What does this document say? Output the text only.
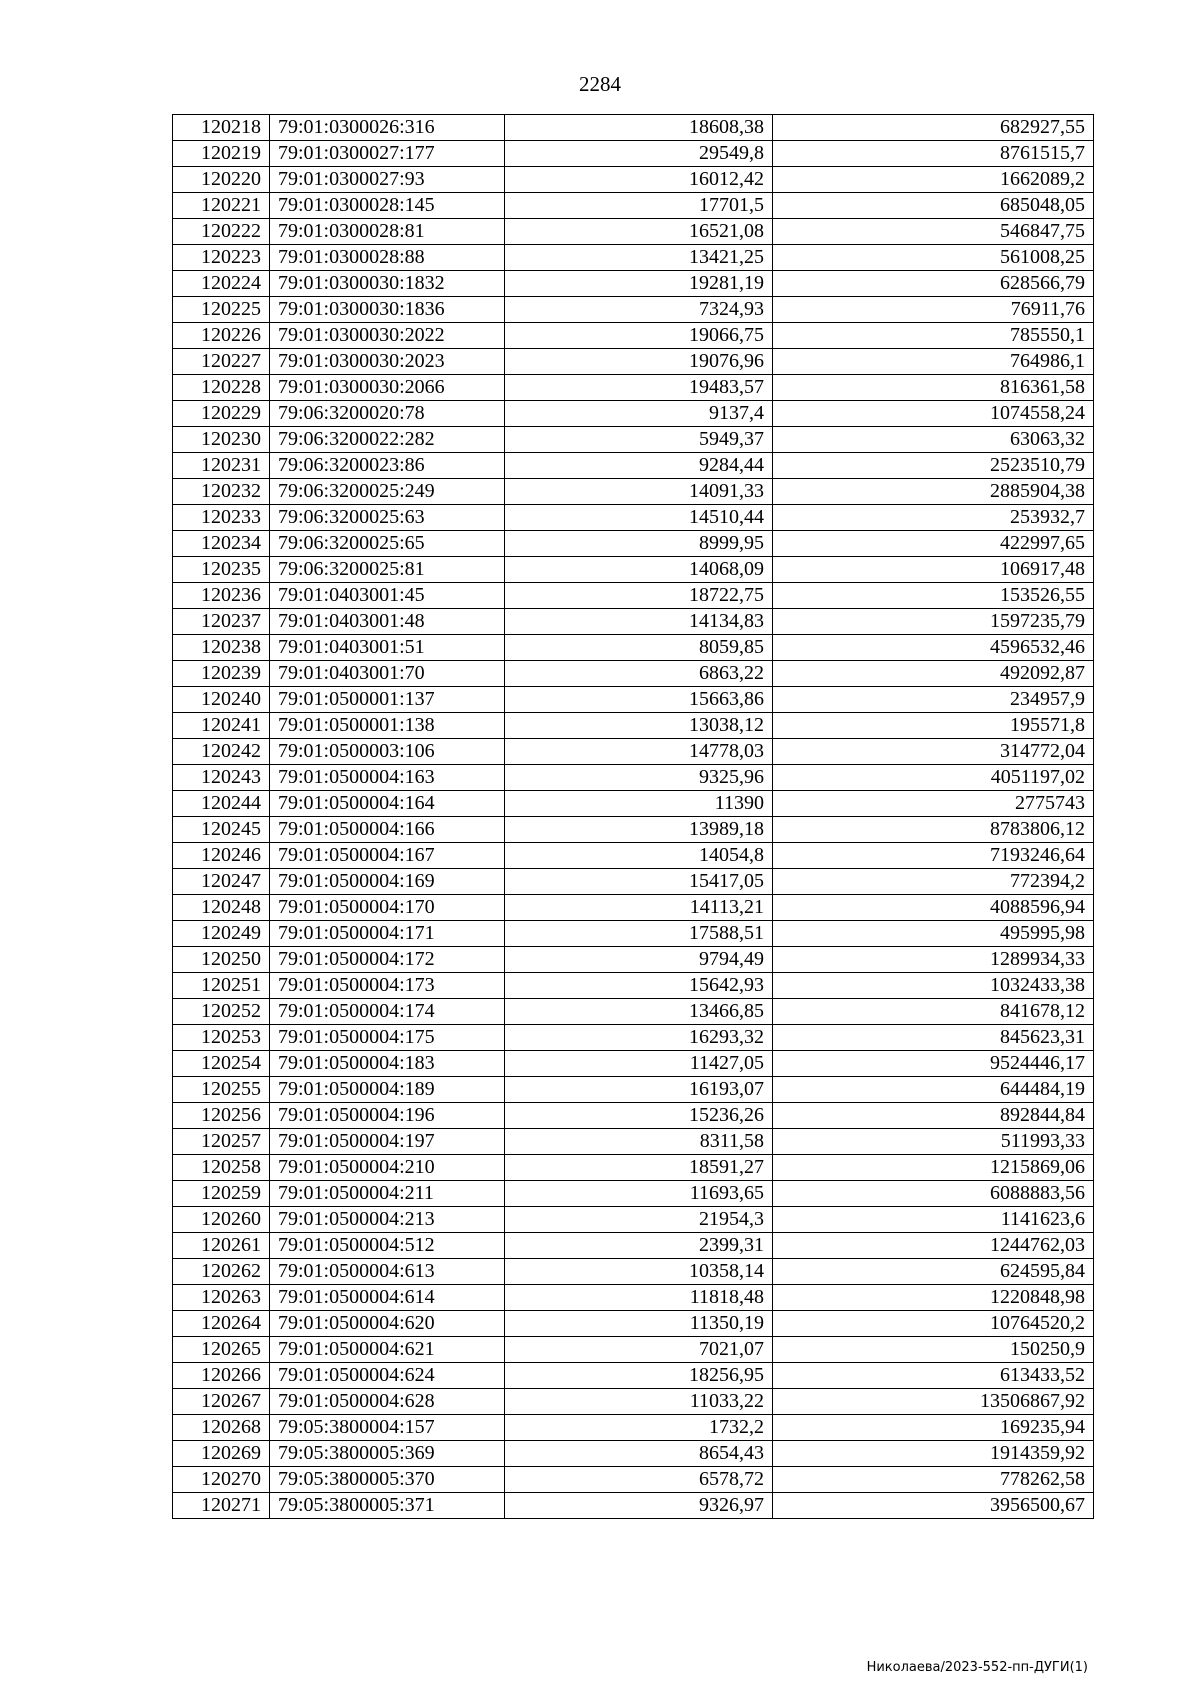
2284
120218	79:01:0300026:316	18608,38	682927,55
120219	79:01:0300027:177	29549,8	8761515,7
120220	79:01:0300027:93	16012,42	1662089,2
120221	79:01:0300028:145	17701,5	685048,05
120222	79:01:0300028:81	16521,08	546847,75
120223	79:01:0300028:88	13421,25	561008,25
120224	79:01:0300030:1832	19281,19	628566,79
120225	79:01:0300030:1836	7324,93	76911,76
120226	79:01:0300030:2022	19066,75	785550,1
120227	79:01:0300030:2023	19076,96	764986,1
120228	79:01:0300030:2066	19483,57	816361,58
120229	79:06:3200020:78	9137,4	1074558,24
120230	79:06:3200022:282	5949,37	63063,32
120231	79:06:3200023:86	9284,44	2523510,79
120232	79:06:3200025:249	14091,33	2885904,38
120233	79:06:3200025:63	14510,44	253932,7
120234	79:06:3200025:65	8999,95	422997,65
120235	79:06:3200025:81	14068,09	106917,48
120236	79:01:0403001:45	18722,75	153526,55
120237	79:01:0403001:48	14134,83	1597235,79
120238	79:01:0403001:51	8059,85	4596532,46
120239	79:01:0403001:70	6863,22	492092,87
120240	79:01:0500001:137	15663,86	234957,9
120241	79:01:0500001:138	13038,12	195571,8
120242	79:01:0500003:106	14778,03	314772,04
120243	79:01:0500004:163	9325,96	4051197,02
120244	79:01:0500004:164	11390	2775743
120245	79:01:0500004:166	13989,18	8783806,12
120246	79:01:0500004:167	14054,8	7193246,64
120247	79:01:0500004:169	15417,05	772394,2
120248	79:01:0500004:170	14113,21	4088596,94
120249	79:01:0500004:171	17588,51	495995,98
120250	79:01:0500004:172	9794,49	1289934,33
120251	79:01:0500004:173	15642,93	1032433,38
120252	79:01:0500004:174	13466,85	841678,12
120253	79:01:0500004:175	16293,32	845623,31
120254	79:01:0500004:183	11427,05	9524446,17
120255	79:01:0500004:189	16193,07	644484,19
120256	79:01:0500004:196	15236,26	892844,84
120257	79:01:0500004:197	8311,58	511993,33
120258	79:01:0500004:210	18591,27	1215869,06
120259	79:01:0500004:211	11693,65	6088883,56
120260	79:01:0500004:213	21954,3	1141623,6
120261	79:01:0500004:512	2399,31	1244762,03
120262	79:01:0500004:613	10358,14	624595,84
120263	79:01:0500004:614	11818,48	1220848,98
120264	79:01:0500004:620	11350,19	10764520,2
120265	79:01:0500004:621	7021,07	150250,9
120266	79:01:0500004:624	18256,95	613433,52
120267	79:01:0500004:628	11033,22	13506867,92
120268	79:05:3800004:157	1732,2	169235,94
120269	79:05:3800005:369	8654,43	1914359,92
120270	79:05:3800005:370	6578,72	778262,58
120271	79:05:3800005:371	9326,97	3956500,67
Николаева/2023-552-пп-ДУГИ(1)
